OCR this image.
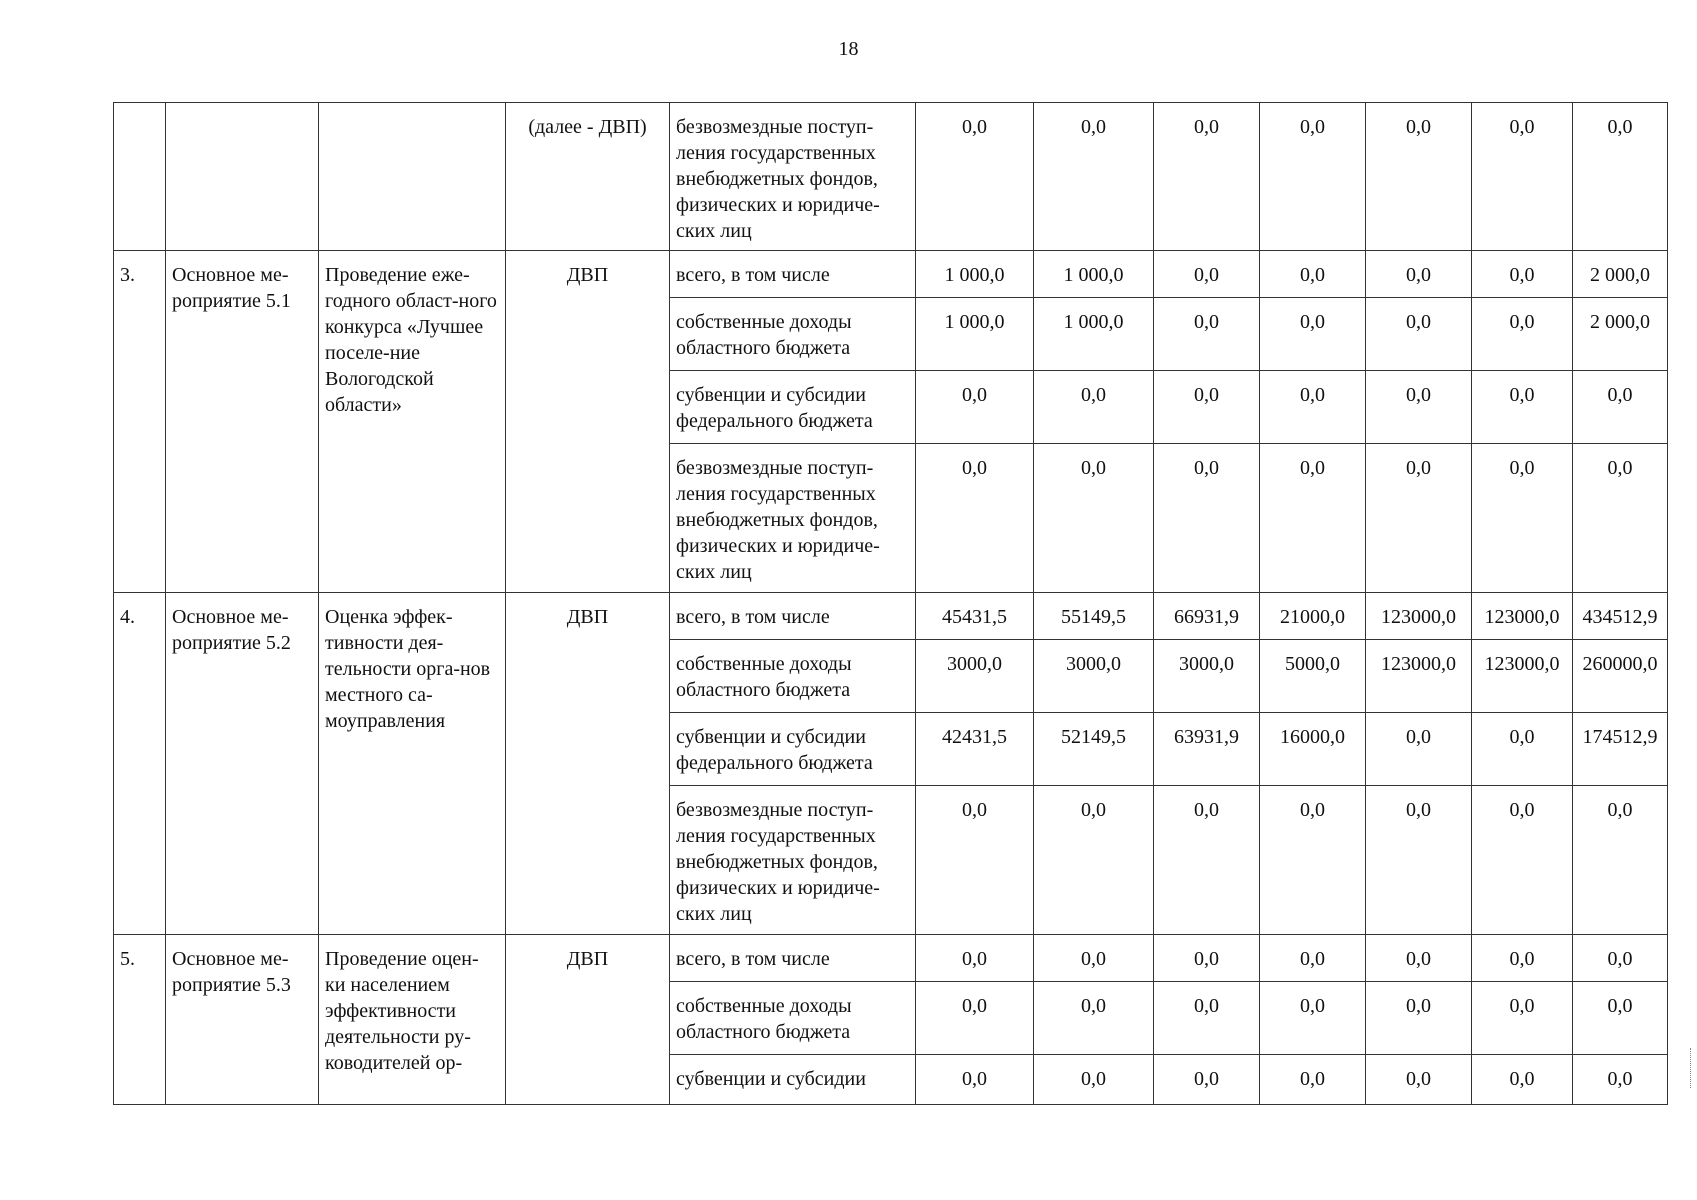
18
			(далее - ДВП)	безвозмездные поступ-ления государственных внебюджетных фондов, физических и юридиче-ских лиц	0,0	0,0	0,0	0,0	0,0	0,0	0,0
3.	Основное ме-роприятие 5.1	Проведение еже-годного област-ного конкурса «Лучшее поселе-ние Вологодской области»	ДВП	всего, в том числе	1 000,0	1 000,0	0,0	0,0	0,0	0,0	2 000,0
				собственные доходы областного бюджета	1 000,0	1 000,0	0,0	0,0	0,0	0,0	2 000,0
				субвенции и субсидии федерального бюджета	0,0	0,0	0,0	0,0	0,0	0,0	0,0
				безвозмездные поступ-ления государственных внебюджетных фондов, физических и юридиче-ских лиц	0,0	0,0	0,0	0,0	0,0	0,0	0,0
4.	Основное ме-роприятие 5.2	Оценка эффек-тивности дея-тельности орга-нов местного са-моуправления	ДВП	всего, в том числе	45431,5	55149,5	66931,9	21000,0	123000,0	123000,0	434512,9
				собственные доходы областного бюджета	3000,0	3000,0	3000,0	5000,0	123000,0	123000,0	260000,0
				субвенции и субсидии федерального бюджета	42431,5	52149,5	63931,9	16000,0	0,0	0,0	174512,9
				безвозмездные поступ-ления государственных внебюджетных фондов, физических и юридиче-ских лиц	0,0	0,0	0,0	0,0	0,0	0,0	0,0
5.	Основное ме-роприятие 5.3	Проведение оцен-ки населением эффективности деятельности ру-ководителей ор-	ДВП	всего, в том числе	0,0	0,0	0,0	0,0	0,0	0,0	0,0
				собственные доходы областного бюджета	0,0	0,0	0,0	0,0	0,0	0,0	0,0
				субвенции и субсидии	0,0	0,0	0,0	0,0	0,0	0,0	0,0
